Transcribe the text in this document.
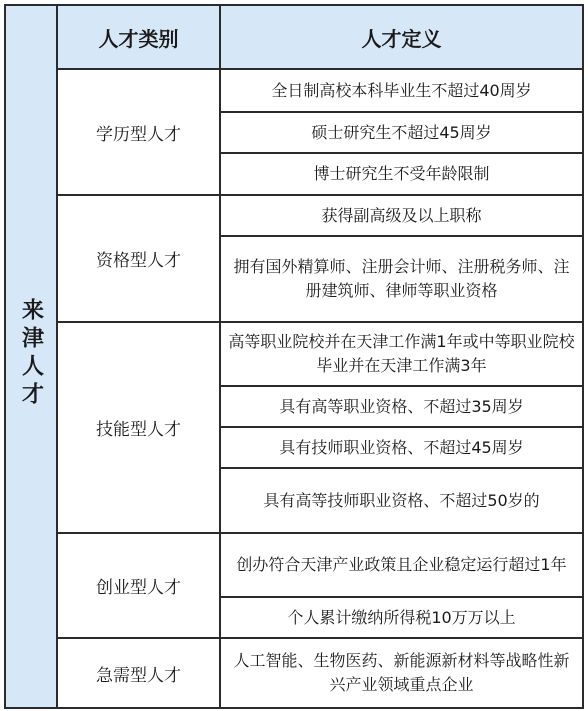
来津人才	人才类别	人才定义
	学历型人才	全日制高校本科毕业生不超过40周岁
		硕士研究生不超过45周岁
		博士研究生不受年龄限制
	资格型人才	获得副高级及以上职称
		拥有国外精算师、注册会计师、注册税务师、注册建筑师、律师等职业资格
	技能型人才	高等职业院校并在天津工作满1年或中等职业院校毕业并在天津工作满3年
		具有高等职业资格、不超过35周岁
		具有技师职业资格、不超过45周岁
		具有高等技师职业资格、不超过50岁的
	创业型人才	创办符合天津产业政策且企业稳定运行超过1年
		个人累计缴纳所得税10万万以上
	急需型人才	人工智能、生物医药、新能源新材料等战略性新兴产业领域重点企业
